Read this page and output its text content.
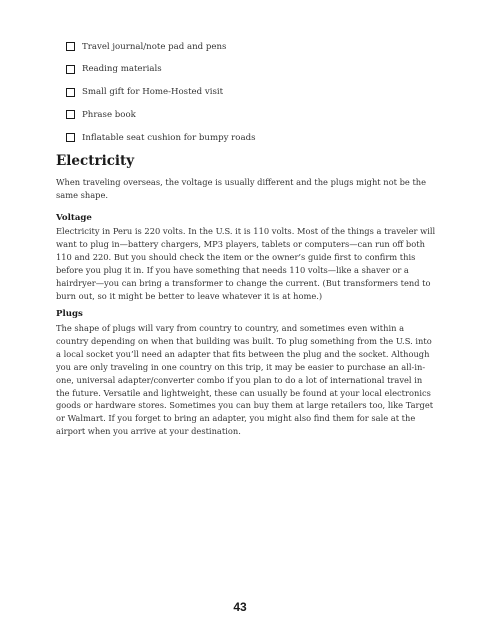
Travel journal/note pad and pens
Reading materials
Small gift for Home-Hosted visit
Phrase book
Inflatable seat cushion for bumpy roads
Electricity

When traveling overseas, the voltage is usually different and the plugs might not be the same shape.

Voltage

Electricity in Peru is 220 volts. In the U.S. it is 110 volts. Most of the things a traveler will want to plug in—battery chargers, MP3 players, tablets or computers—can run off both 110 and 220. But you should check the item or the owner’s guide first to confirm this before you plug it in. If you have something that needs 110 volts—like a shaver or a hairdryer—you can bring a transformer to change the current. (But transformers tend to burn out, so it might be better to leave whatever it is at home.)

Plugs

The shape of plugs will vary from country to country, and sometimes even within a country depending on when that building was built. To plug something from the U.S. into a local socket you’ll need an adapter that fits between the plug and the socket. Although you are only traveling in one country on this trip, it may be easier to purchase an all-in-one, universal adapter/converter combo if you plan to do a lot of international travel in the future. Versatile and lightweight, these can usually be found at your local electronics goods or hardware stores. Sometimes you can buy them at large retailers too, like Target or Walmart. If you forget to bring an adapter, you might also find them for sale at the airport when you arrive at your destination.

43
